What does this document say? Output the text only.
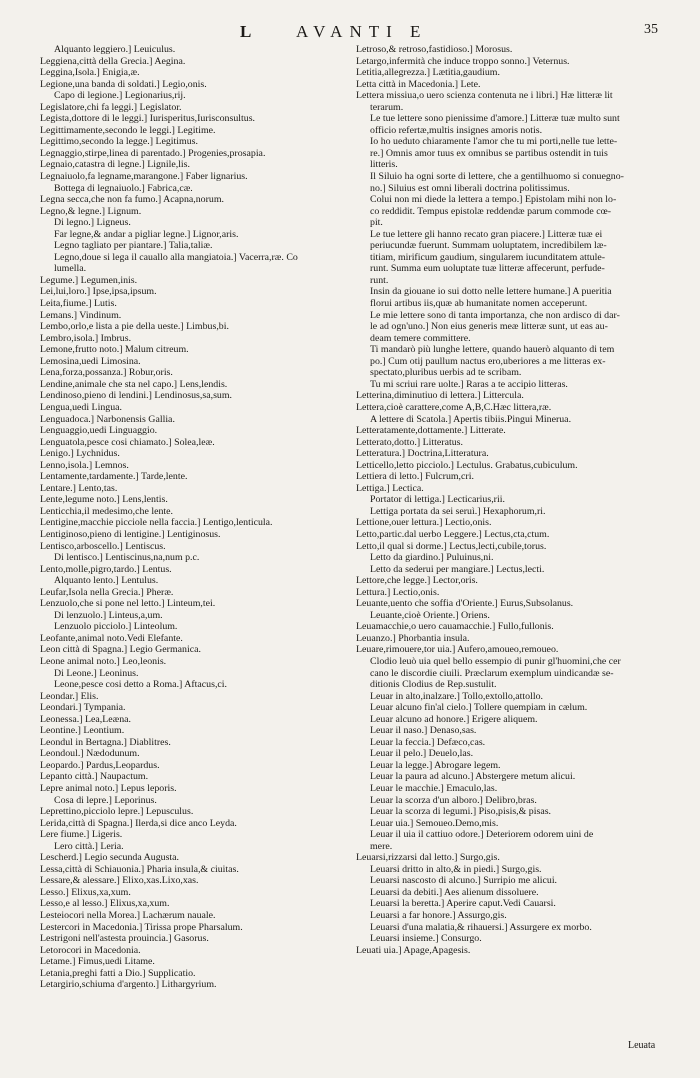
L	AVANTI E	35
Alquanto leggiero.] Leuiculus.
Leggiena,città della Grecia.] Aegina.
Leggina,Isola.] Enigia,æ.
Legione,una banda di soldati.] Legio,onis.
Capo di legione.] Legionarius,rij.
Legislatore,chi fa leggi.] Legislator.
Legista,dottore di le leggi.] Iurisperitus,Iurisconsultus.
Legittimamente,secondo le leggi.] Legitime.
Legittimo,secondo la legge.] Legitimus.
Legnaggio,stirpe,linea di parentado.] Progenies,prosapia.
Legnaio,catastra di legne.] Lignile,lis.
Legnaiuolo,fa legname,marangone.] Faber lignarius.
Bottega di legnaiuolo.] Fabrica,cæ.
Legna secca,che non fa fumo.] Acapna,norum.
Legno,& legne.] Lignum.
Di legno.] Ligneus.
Far legne,& andar a pigliar legne.] Lignor,aris.
Legno tagliato per piantare.] Talia,taliæ.
Legno,doue si lega il cauallo alla mangiatoia.] Vacerra,ræ. Co
lumella.
Legume.] Legumen,inis.
Lei,lui,loro.] Ipse,ipsa,ipsum.
Leita,fiume.] Lutis.
Lemans.] Vindinum.
Lembo,orlo,e lista a pie della ueste.] Limbus,bi.
Lembro,isola.] Imbrus.
Lemone,frutto noto.] Malum citreum.
Lemosina,uedi Limosina.
Lena,forza,possanza.] Robur,oris.
Lendine,animale che sta nel capo.] Lens,lendis.
Lendinoso,pieno di lendini.] Lendinosus,sa,sum.
Lengua,uedi Lingua.
Lenguadoca.] Narbonensis Gallia.
Lenguaggio,uedi Linguaggio.
Lenguatola,pesce cosi chiamato.] Solea,leæ.
Lenigo.] Lychnidus.
Lenno,isola.] Lemnos.
Lentamente,tardamente.] Tarde,lente.
Lentare.] Lento,tas.
Lente,legume noto.] Lens,lentis.
Lenticchia,il medesimo,che lente.
Lentigine,macchie picciole nella faccia.] Lentigo,lenticula.
Lentiginoso,pieno di lentigine.] Lentiginosus.
Lentisco,arboscello.] Lentiscus.
Di lentisco.] Lentiscinus,na,num p.c.
Lento,molle,pigro,tardo.] Lentus.
Alquanto lento.] Lentulus.
Leufar,Isola nella Grecia.] Pheræ.
Lenzuolo,che si pone nel letto.] Linteum,tei.
Di lenzuolo.] Linteus,a,um.
Lenzuolo picciolo.] Linteolum.
Leofante,animal noto.Vedi Elefante.
Leon città di Spagna.] Legio Germanica.
Leone animal noto.] Leo,leonis.
Di Leone.] Leoninus.
Leone,pesce cosi detto a Roma.] Aftacus,ci.
Leondar.] Elis.
Leondari.] Tympania.
Leonessa.] Lea,Leæna.
Leontine.] Leontium.
Leondul in Bertagna.] Diablitres.
Leondoul.] Nædodunum.
Leopardo.] Pardus,Leopardus.
Lepanto città.] Naupactum.
Lepre animal noto.] Lepus leporis.
Cosa di lepre.] Leporinus.
Leprettino,picciolo lepre.] Lepusculus.
Lerida,città di Spagna.] Ilerda,si dice anco Leyda.
Lere fiume.] Ligeris.
Lero città.] Leria.
Lescherd.] Legio secunda Augusta.
Lessa,città di Schiauonia.] Pharia insula,& ciuitas.
Lessare,& alessare.] Elixo,xas.Lixo,xas.
Lesso.] Elixus,xa,xum.
Lesso,e al lesso.] Elixus,xa,xum.
Lesteiocori nella Morea.] Lachærum nauale.
Lestercori in Macedonia.] Tirissa prope Pharsalum.
Lestrigoni nell'astesta prouincia.] Gasorus.
Letorocori in Macedonia.
Letame.] Fimus,uedi Litame.
Letania,preghi fatti a Dio.] Supplicatio.
Letargirio,schiuma d'argento.] Lithargyrium.
Letroso,& retroso,fastidioso.] Morosus.
Letargo,infermità che induce troppo sonno.] Veternus.
Letitia,allegrezza.] Lætitia,gaudium.
Letta città in Macedonia.] Lete.
Lettera missiua,o uero scienza contenuta ne i libri.] Hæ litteræ lit
terarum.
Le tue lettere sono pienissime d'amore.] Litteræ tuæ multo sunt
officio refertæ,multis insignes amoris notis.
Io ho ueduto chiaramente l'amor che tu mi porti,nelle tue lette-
re.] Omnis amor tuus ex omnibus se partibus ostendit in tuis
litteris.
Il Siluio ha ogni sorte di lettere, che a gentilhuomo si conuegno-
no.] Siluius est omni liberali doctrina politissimus.
Colui non mi diede la lettera a tempo.] Epistolam mihi non lo-
co reddidit. Tempus epistolæ reddendæ parum commode cœ-
pit.
Le tue lettere gli hanno recato gran piacere.] Litteræ tuæ ei
periucundæ fuerunt. Summam uoluptatem, incredibilem læ-
titiam, mirificum gaudium, singularem iucunditatem attule-
runt. Summa eum uoluptate tuæ litteræ affecerunt, perfude-
runt.
Insin da giouane io sui dotto nelle lettere humane.] A pueritia
florui artibus iis,quæ ab humanitate nomen acceperunt.
Le mie lettere sono di tanta importanza, che non ardisco di dar-
le ad ogn'uno.] Non eius generis meæ litteræ sunt, ut eas au-
deam temere committere.
Ti mandarò più lunghe lettere, quando hauerò alquanto di tem
po.] Cum otij paullum nactus ero,uberiores a me litteras ex-
spectato,pluribus uerbis ad te scribam.
Tu mi scriui rare uolte.] Raras a te accipio litteras.
Letterina,diminutiuo di lettera.] Littercula.
Lettera,cioè carattere,come A,B,C.Hæc littera,ræ.
A lettere di Scatola.] Apertis tibiis.Pingui Minerua.
Letteratamente,dottamente.] Litterate.
Letterato,dotto.] Litteratus.
Letteratura.] Doctrina,Litteratura.
Letticello,letto picciolo.] Lectulus. Grabatus,cubiculum.
Lettiera di letto.] Fulcrum,cri.
Lettiga.] Lectica.
Portator di lettiga.] Lecticarius,rii.
Lettiga portata da sei seruì.] Hexaphorum,ri.
Lettione,ouer lettura.] Lectio,onis.
Letto,partic.dal uerbo Leggere.] Lectus,cta,ctum.
Letto,il qual si dorme.] Lectus,lecti,cubile,torus.
Letto da giardino.] Puluinus,ni.
Letto da sederui per mangiare.] Lectus,lecti.
Lettore,che legge.] Lector,oris.
Lettura.] Lectio,onis.
Leuante,uento che soffia d'Oriente.] Eurus,Subsolanus.
Leuante,cioè Oriente.] Oriens.
Leuamacchie,o uero cauamacchie.] Fullo,fullonis.
Leuanzo.] Phorbantia insula.
Leuare,rimouere,tor uia.] Aufero,amoueo,remoueo.
Clodio leuò uia quel bello essempio di punir gl'huomini,che cer
cano le discordie ciuili. Præclarum exemplum uindicandæ se-
ditionis Clodius de Rep.sustulit.
Leuar in alto,inalzare.] Tollo,extollo,attollo.
Leuar alcuno fin'al cielo.] Tollere quempiam in cælum.
Leuar alcuno ad honore.] Erigere aliquem.
Leuar il naso.] Denaso,sas.
Leuar la feccia.] Defæco,cas.
Leuar il pelo.] Deuelo,las.
Leuar la legge.] Abrogare legem.
Leuar la paura ad alcuno.] Abstergere metum alicui.
Leuar le macchie.] Emaculo,las.
Leuar la scorza d'un alboro.] Delibro,bras.
Leuar la scorza di legumi.] Piso,pisis,& pisas.
Leuar uia.] Semoueo.Demo,mis.
Leuar il uia il cattiuo odore.] Deteriorem odorem uini de
mere.
Leuarsi,rizzarsi dal letto.] Surgo,gis.
Leuarsi dritto in alto,& in piedi.] Surgo,gis.
Leuarsi nascosto di alcuno.] Surripio me alicui.
Leuarsi da debiti.] Aes alienum dissoluere.
Leuarsi la beretta.] Aperire caput.Vedi Cauarsi.
Leuarsi a far honore.] Assurgo,gis.
Leuarsi d'una malatia,& rihauersi.] Assurgere ex morbo.
Leuarsi insieme.] Consurgo.
Leuati uia.] Apage,Apagesis.
Leuata
